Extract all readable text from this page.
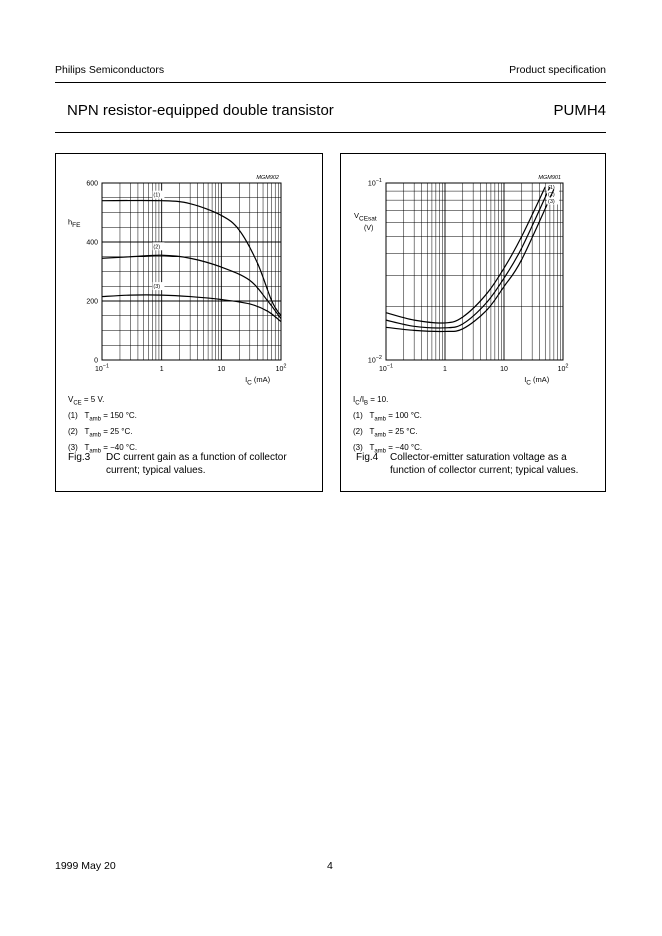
Philips Semiconductors	Product specification
NPN resistor-equipped double transistor	PUMH4
600
400
200
0
$10^{-1}$	1	10	$10^2$
hFE
IC (mA)
MGM902
(1)
(2)
(3)
$V_{CE} = 5$ V.
(1) $T_{amb} = 150$ °C.
(2) $T_{amb} = 25$ °C.
(3) $T_{amb} = -40$ °C.
Fig.3 DC current gain as a function of collector
current; typical values.
$10^{-1}$
$10^{-2}$
$10^{-1}$	1	10	$10^2$
VCEsat
(V)
IC (mA)
MGM901
(1)
(2)
(3)
$I_C/I_B = 10$.
(1) $T_{amb} = 100$ °C.
(2) $T_{amb} = 25$ °C.
(3) $T_{amb} = -40$ °C.
Fig.4 Collector-emitter saturation voltage as a
function of collector current; typical values.
1999 May 20	4
